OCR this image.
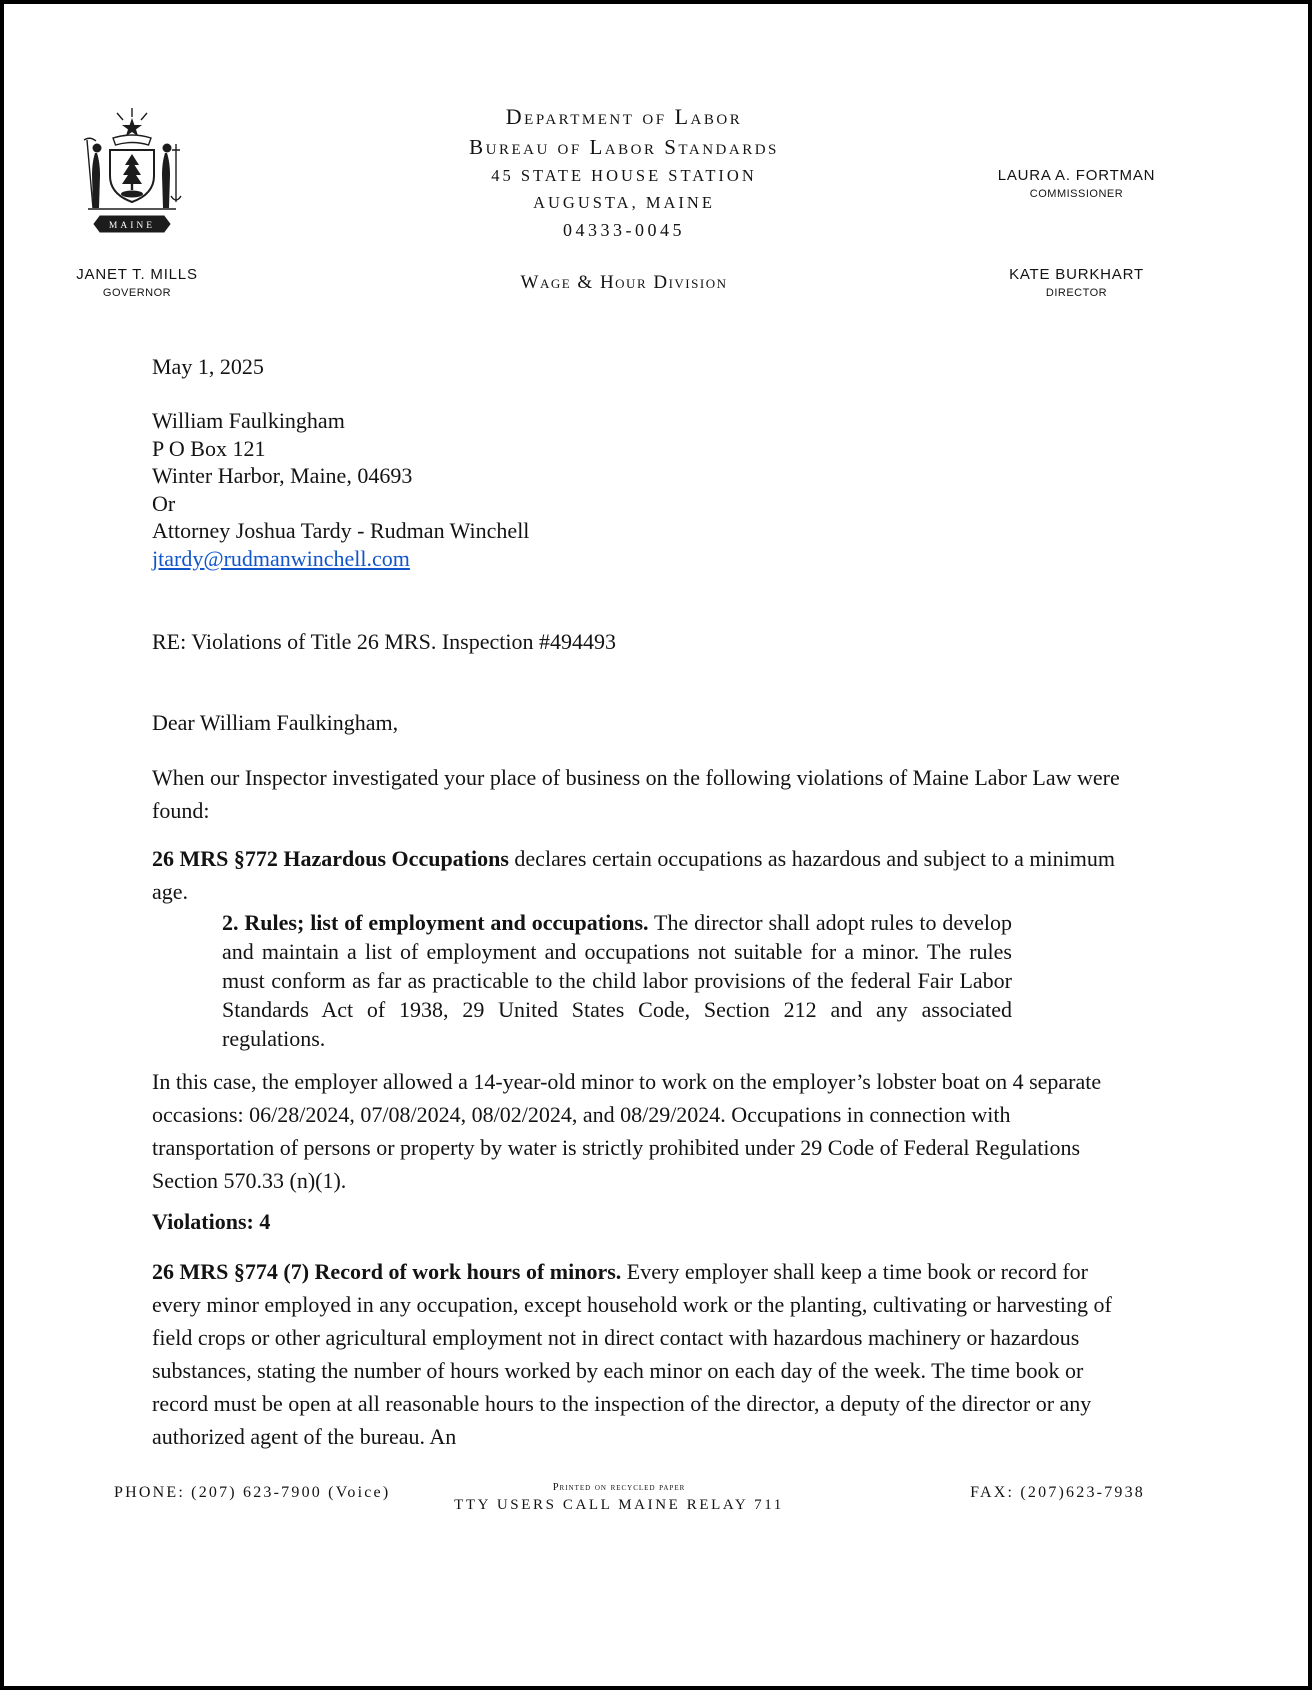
MAINE
Department of Labor
Bureau of Labor Standards
45 STATE HOUSE STATION
AUGUSTA, MAINE
04333-0045
LAURA A. FORTMAN
COMMISSIONER
JANET T. MILLS
GOVERNOR	Wage & Hour Division	KATE BURKHART
DIRECTOR
May 1, 2025
William Faulkingham
P O Box 121
Winter Harbor, Maine, 04693
Or
Attorney Joshua Tardy - Rudman Winchell
jtardy@rudmanwinchell.com
RE: Violations of Title 26 MRS. Inspection #494493
Dear William Faulkingham,

When our Inspector investigated your place of business on the following violations of Maine Labor Law were found:

26 MRS §772 Hazardous Occupations declares certain occupations as hazardous and subject to a minimum age.

2. Rules; list of employment and occupations. The director shall adopt rules to develop and maintain a list of employment and occupations not suitable for a minor. The rules must conform as far as practicable to the child labor provisions of the federal Fair Labor Standards Act of 1938, 29 United States Code, Section 212 and any associated regulations.

In this case, the employer allowed a 14-year-old minor to work on the employer’s lobster boat on 4 separate occasions: 06/28/2024, 07/08/2024, 08/02/2024, and 08/29/2024. Occupations in connection with transportation of persons or property by water is strictly prohibited under 29 Code of Federal Regulations Section 570.33 (n)(1).

Violations: 4

26 MRS §774 (7) Record of work hours of minors. Every employer shall keep a time book or record for every minor employed in any occupation, except household work or the planting, cultivating or harvesting of field crops or other agricultural employment not in direct contact with hazardous machinery or hazardous substances, stating the number of hours worked by each minor on each day of the week. The time book or record must be open at all reasonable hours to the inspection of the director, a deputy of the director or any authorized agent of the bureau. An

PHONE: (207) 623-7900 (Voice)	Printed on recycled paper
TTY USERS CALL MAINE RELAY 711
FAX: (207)623-7938
